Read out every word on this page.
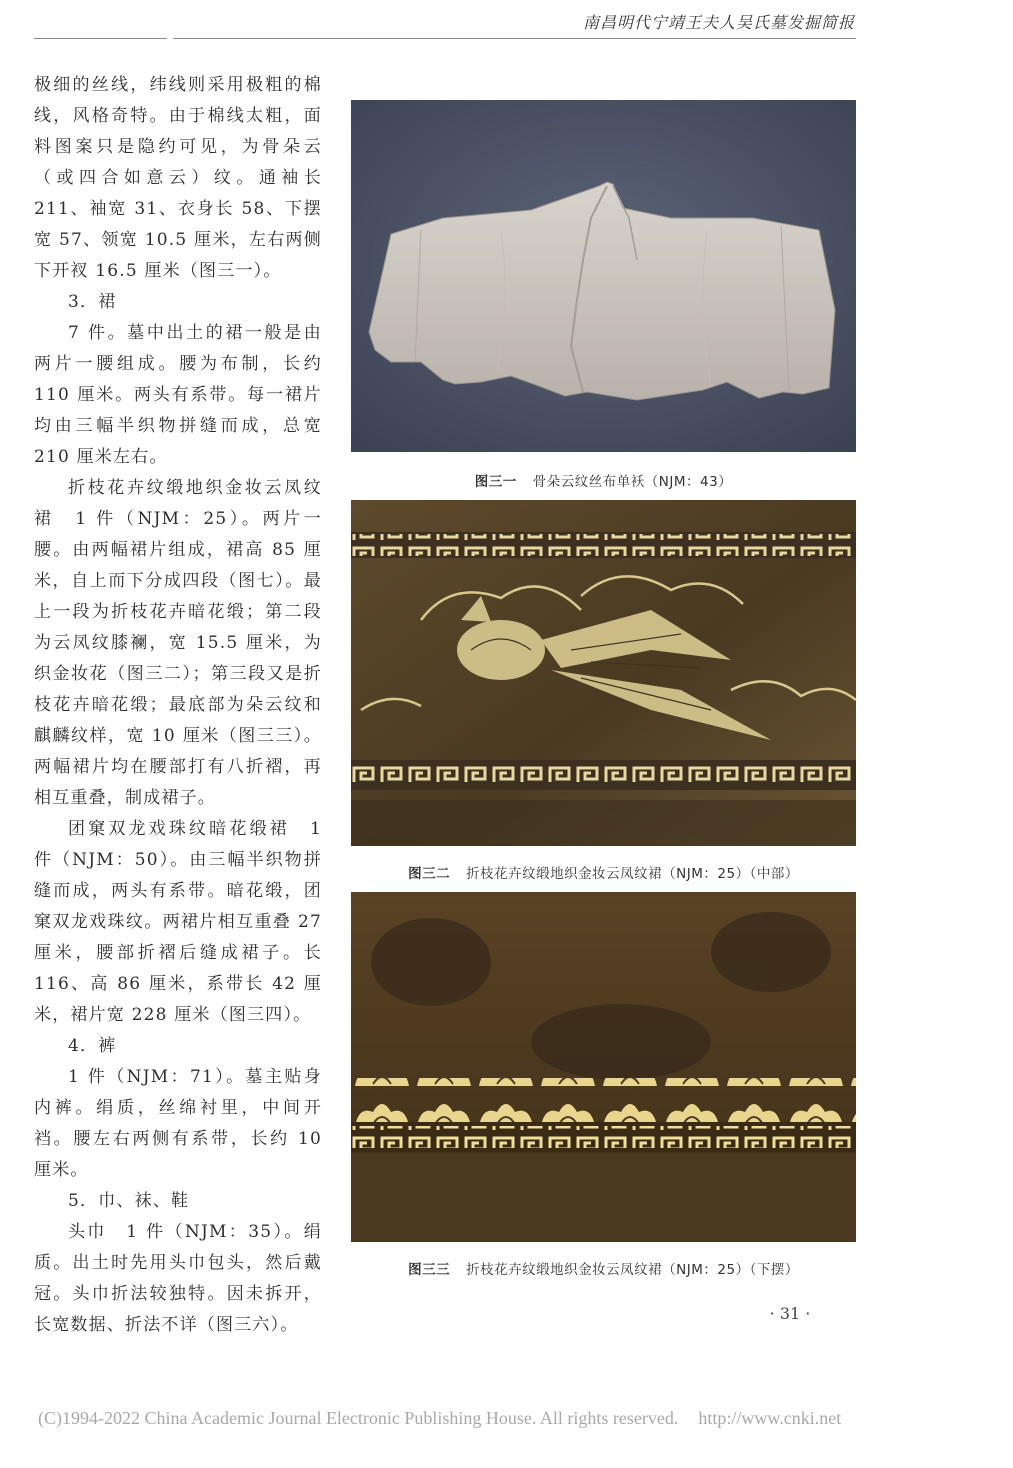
南昌明代宁靖王夫人吴氏墓发掘简报

极细的丝线，纬线则采用极粗的棉线，风格奇特。由于棉线太粗，面料图案只是隐约可见，为骨朵云（或四合如意云）纹。通袖长 211、袖宽 31、衣身长 58、下摆宽 57、领宽 10.5 厘米，左右两侧下开衩 16.5 厘米（图三一）。

3．裙

7 件。墓中出土的裙一般是由两片一腰组成。腰为布制，长约 110 厘米。两头有系带。每一裙片均由三幅半织物拼缝而成，总宽 210 厘米左右。

折枝花卉纹缎地织金妆云凤纹裙　1 件（NJM：25）。两片一腰。由两幅裙片组成，裙高 85 厘米，自上而下分成四段（图七）。最上一段为折枝花卉暗花缎；第二段为云凤纹膝襕，宽 15.5 厘米，为织金妆花（图三二）；第三段又是折枝花卉暗花缎；最底部为朵云纹和麒麟纹样，宽 10 厘米（图三三）。两幅裙片均在腰部打有八折褶，再相互重叠，制成裙子。

团窠双龙戏珠纹暗花缎裙　1 件（NJM：50）。由三幅半织物拼缝而成，两头有系带。暗花缎，团窠双龙戏珠纹。两裙片相互重叠 27 厘米，腰部折褶后缝成裙子。长 116、高 86 厘米，系带长 42 厘米，裙片宽 228 厘米（图三四）。

4．裤

1 件（NJM：71）。墓主贴身内裤。绢质，丝绵衬里，中间开裆。腰左右两侧有系带，长约 10 厘米。

5．巾、袜、鞋

头巾　1 件（NJM：35）。绢质。出土时先用头巾包头，然后戴冠。头巾折法较独特。因未拆开，长宽数据、折法不详（图三六）。

图三一 骨朵云纹丝布单袄（NJM：43）
图三二 折枝花卉纹缎地织金妆云凤纹裙（NJM：25）（中部）
图三三 折枝花卉纹缎地织金妆云凤纹裙（NJM：25）（下摆）
· 31 ·
(C)1994-2022 China Academic Journal Electronic Publishing House. All rights reserved. http://www.cnki.net
